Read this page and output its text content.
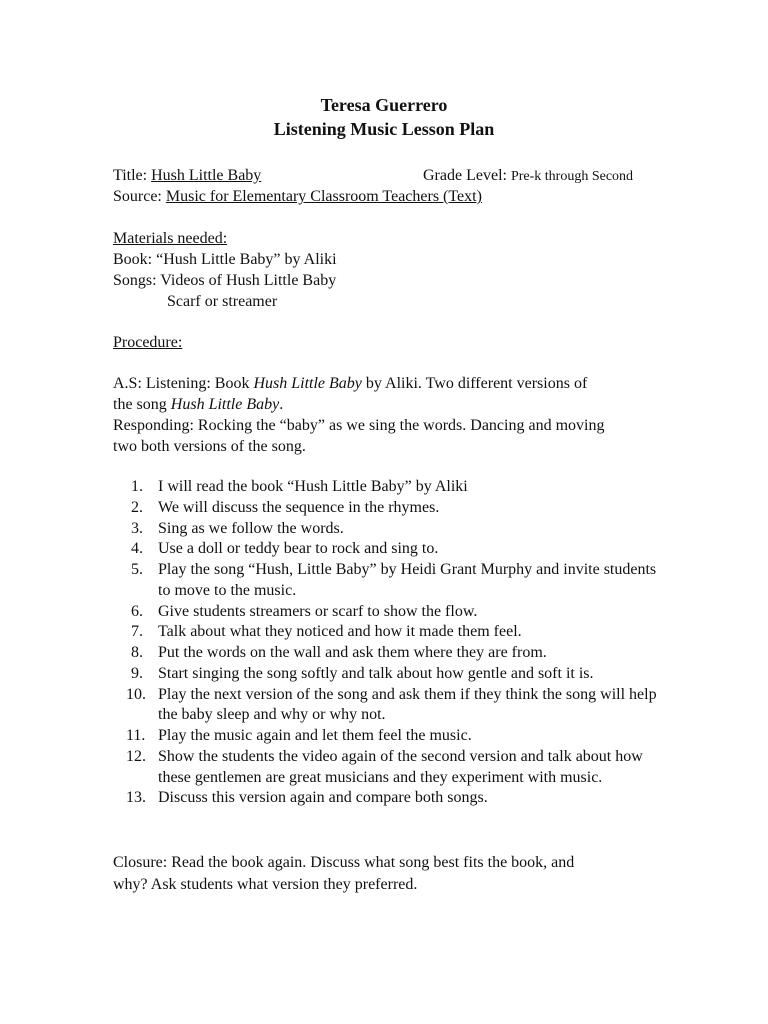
Teresa Guerrero
Listening Music Lesson Plan

Title: Hush Little Baby	Grade Level: Pre-k through Second

Source: Music for Elementary Classroom Teachers (Text)

Materials needed:

Book: “Hush Little Baby” by Aliki

Songs: Videos of Hush Little Baby

Scarf or streamer

Procedure:

A.S: Listening: Book Hush Little Baby by Aliki. Two different versions of

the song Hush Little Baby.

Responding: Rocking the “baby” as we sing the words. Dancing and moving

two both versions of the song.

1. I will read the book “Hush Little Baby” by Aliki
2. We will discuss the sequence in the rhymes.
3. Sing as we follow the words.
4. Use a doll or teddy bear to rock and sing to.
5. Play the song “Hush, Little Baby” by Heidi Grant Murphy and invite students to move to the music.
6. Give students streamers or scarf to show the flow.
7. Talk about what they noticed and how it made them feel.
8. Put the words on the wall and ask them where they are from.
9. Start singing the song softly and talk about how gentle and soft it is.
10. Play the next version of the song and ask them if they think the song will help the baby sleep and why or why not.
11. Play the music again and let them feel the music.
12. Show the students the video again of the second version and talk about how these gentlemen are great musicians and they experiment with music.
13. Discuss this version again and compare both songs.

Closure: Read the book again. Discuss what song best fits the book, and

why? Ask students what version they preferred.
